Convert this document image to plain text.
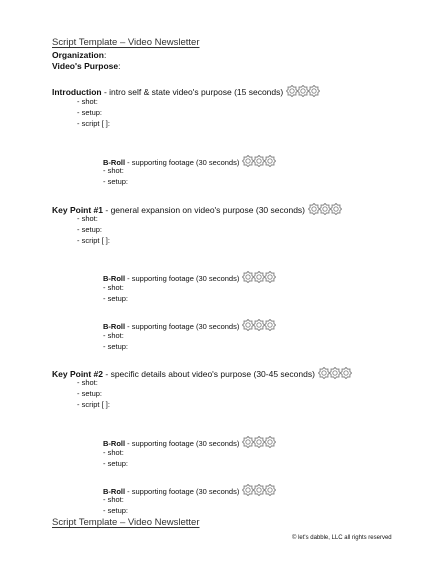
Script Template – Video Newsletter
Organization:
Video's Purpose:
Introduction - intro self & state video's purpose (15 seconds)
- shot:
- setup:
- script [ ]:
B-Roll - supporting footage (30 seconds)
- shot:
- setup:
Key Point #1 - general expansion on video's purpose (30 seconds)
- shot:
- setup:
- script [ ]:
B-Roll - supporting footage (30 seconds)
- shot:
- setup:
B-Roll - supporting footage (30 seconds)
- shot:
- setup:
Key Point #2 - specific details about video's purpose (30-45 seconds)
- shot:
- setup:
- script [ ]:
B-Roll - supporting footage (30 seconds)
- shot:
- setup:
B-Roll - supporting footage (30 seconds)
- shot:
- setup:
Script Template – Video Newsletter
© let's dabble, LLC all rights reserved
